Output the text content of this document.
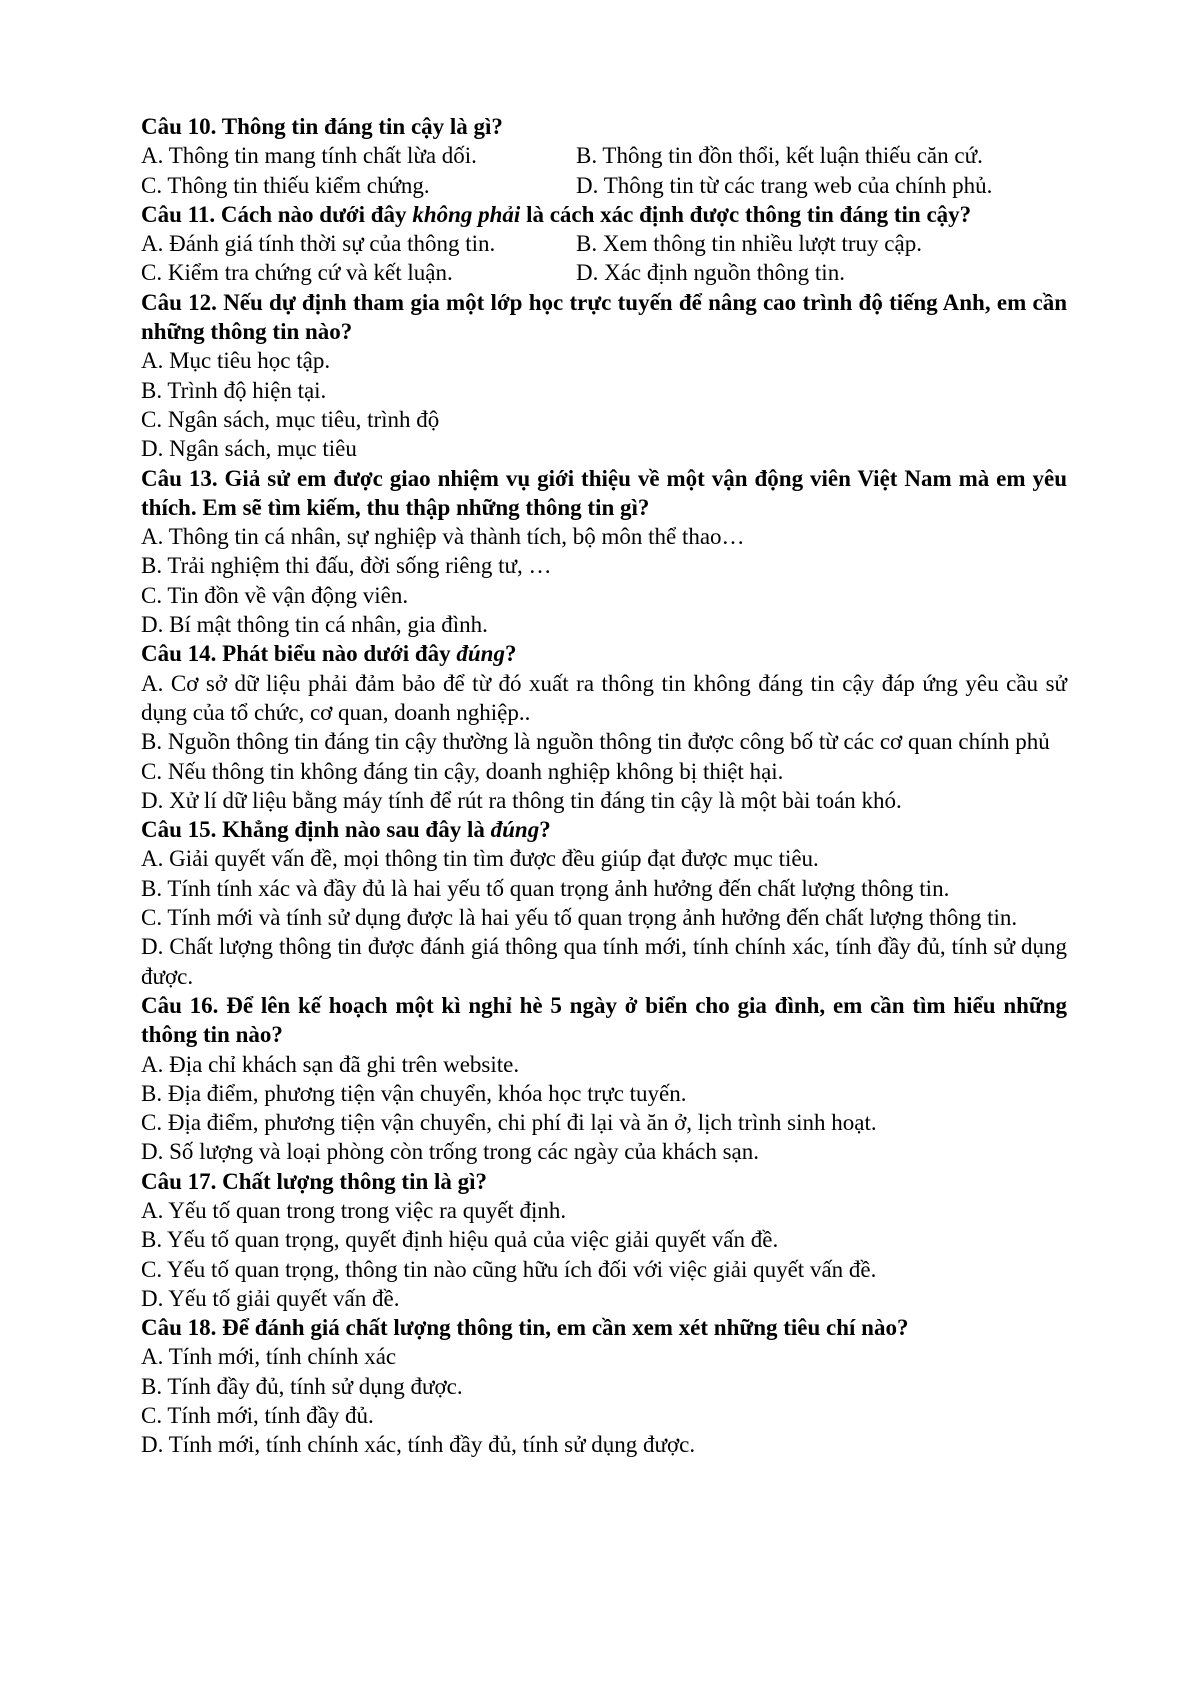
Câu 10. Thông tin đáng tin cậy là gì?
A. Thông tin mang tính chất lừa dối.	B. Thông tin đồn thổi, kết luận thiếu căn cứ.
C. Thông tin thiếu kiểm chứng.	D. Thông tin từ các trang web của chính phủ.
Câu 11. Cách nào dưới đây không phải là cách xác định được thông tin đáng tin cậy?
A. Đánh giá tính thời sự của thông tin.	B. Xem thông tin nhiều lượt truy cập.
C. Kiểm tra chứng cứ và kết luận.	D. Xác định nguồn thông tin.
Câu 12. Nếu dự định tham gia một lớp học trực tuyến để nâng cao trình độ tiếng Anh, em cần những thông tin nào?
A. Mục tiêu học tập.
B. Trình độ hiện tại.
C. Ngân sách, mục tiêu, trình độ
D. Ngân sách, mục tiêu
Câu 13. Giả sử em được giao nhiệm vụ giới thiệu về một vận động viên Việt Nam mà em yêu thích. Em sẽ tìm kiếm, thu thập những thông tin gì?
A. Thông tin cá nhân, sự nghiệp và thành tích, bộ môn thể thao…
B. Trải nghiệm thi đấu, đời sống riêng tư, …
C. Tin đồn về vận động viên.
D. Bí mật thông tin cá nhân, gia đình.
Câu 14. Phát biểu nào dưới đây đúng?
A. Cơ sở dữ liệu phải đảm bảo để từ đó xuất ra thông tin không đáng tin cậy đáp ứng yêu cầu sử dụng của tổ chức, cơ quan, doanh nghiệp..
B. Nguồn thông tin đáng tin cậy thường là nguồn thông tin được công bố từ các cơ quan chính phủ
C. Nếu thông tin không đáng tin cậy, doanh nghiệp không bị thiệt hại.
D. Xử lí dữ liệu bằng máy tính để rút ra thông tin đáng tin cậy là một bài toán khó.
Câu 15. Khẳng định nào sau đây là đúng?
A. Giải quyết vấn đề, mọi thông tin tìm được đều giúp đạt được mục tiêu.
B. Tính tính xác và đầy đủ là hai yếu tố quan trọng ảnh hưởng đến chất lượng thông tin.
C. Tính mới và tính sử dụng được là hai yếu tố quan trọng ảnh hưởng đến chất lượng thông tin.
D. Chất lượng thông tin được đánh giá thông qua tính mới, tính chính xác, tính đầy đủ, tính sử dụng được.
Câu 16. Để lên kế hoạch một kì nghỉ hè 5 ngày ở biển cho gia đình, em cần tìm hiểu những thông tin nào?
A. Địa chỉ khách sạn đã ghi trên website.
B. Địa điểm, phương tiện vận chuyển, khóa học trực tuyến.
C. Địa điểm, phương tiện vận chuyển, chi phí đi lại và ăn ở, lịch trình sinh hoạt.
D. Số lượng và loại phòng còn trống trong các ngày của khách sạn.
Câu 17. Chất lượng thông tin là gì?
A. Yếu tố quan trong trong việc ra quyết định.
B. Yếu tố quan trọng, quyết định hiệu quả của việc giải quyết vấn đề.
C. Yếu tố quan trọng, thông tin nào cũng hữu ích đối với việc giải quyết vấn đề.
D. Yếu tố giải quyết vấn đề.
Câu 18. Để đánh giá chất lượng thông tin, em cần xem xét những tiêu chí nào?
A. Tính mới, tính chính xác
B. Tính đầy đủ, tính sử dụng được.
C. Tính mới, tính đầy đủ.
D. Tính mới, tính chính xác, tính đầy đủ, tính sử dụng được.
